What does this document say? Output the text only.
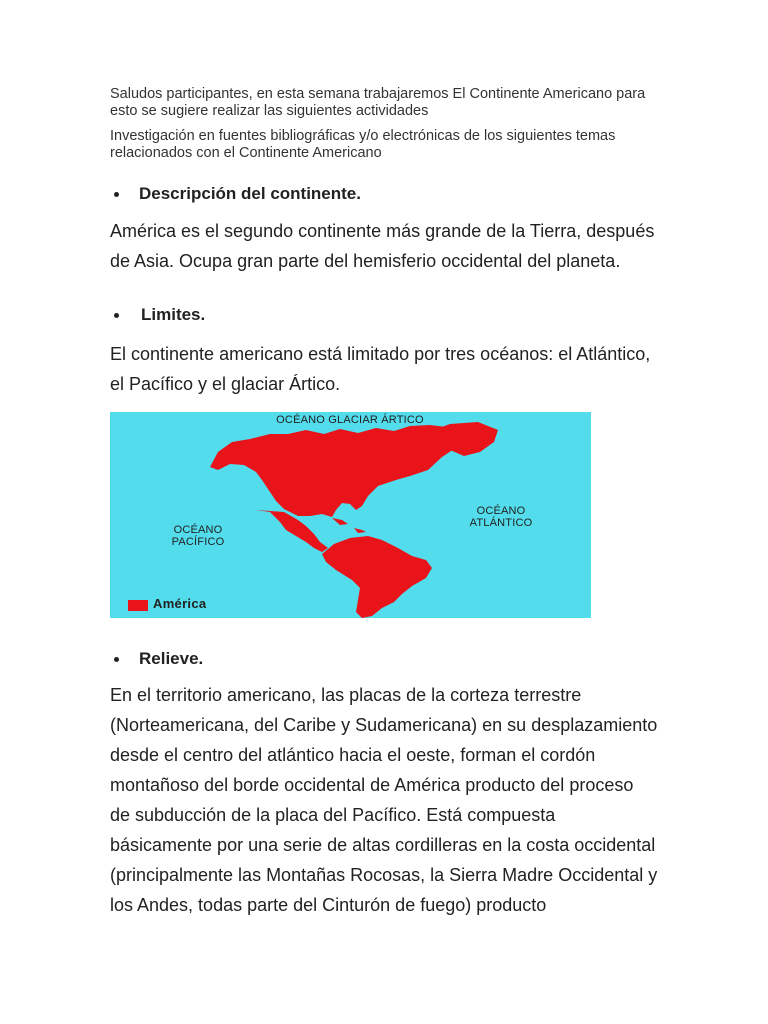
Saludos participantes, en esta semana trabajaremos El Continente Americano para esto se sugiere realizar las siguientes actividades
Investigación en fuentes bibliográficas y/o electrónicas de los siguientes temas relacionados con el Continente Americano
Descripción del continente.
América es el segundo continente más grande de la Tierra, después de Asia. Ocupa gran parte del hemisferio occidental del planeta.
Limites.
El continente americano está limitado por tres océanos: el Atlántico, el Pacífico y el glaciar Ártico.
OCÉANO GLACIAR ÁRTICO
OCÉANO
PACÍFICO
OCÉANO
ATLÁNTICO
América
Relieve.
En el territorio americano, las placas de la corteza terrestre (Norteamericana, del Caribe y Sudamericana) en su desplazamiento desde el centro del atlántico hacia el oeste, forman el cordón montañoso del borde occidental de América producto del proceso de subducción de la placa del Pacífico. Está compuesta básicamente por una serie de altas cordilleras en la costa occidental (principalmente las Montañas Rocosas, la Sierra Madre Occidental y los Andes, todas parte del Cinturón de fuego) producto
